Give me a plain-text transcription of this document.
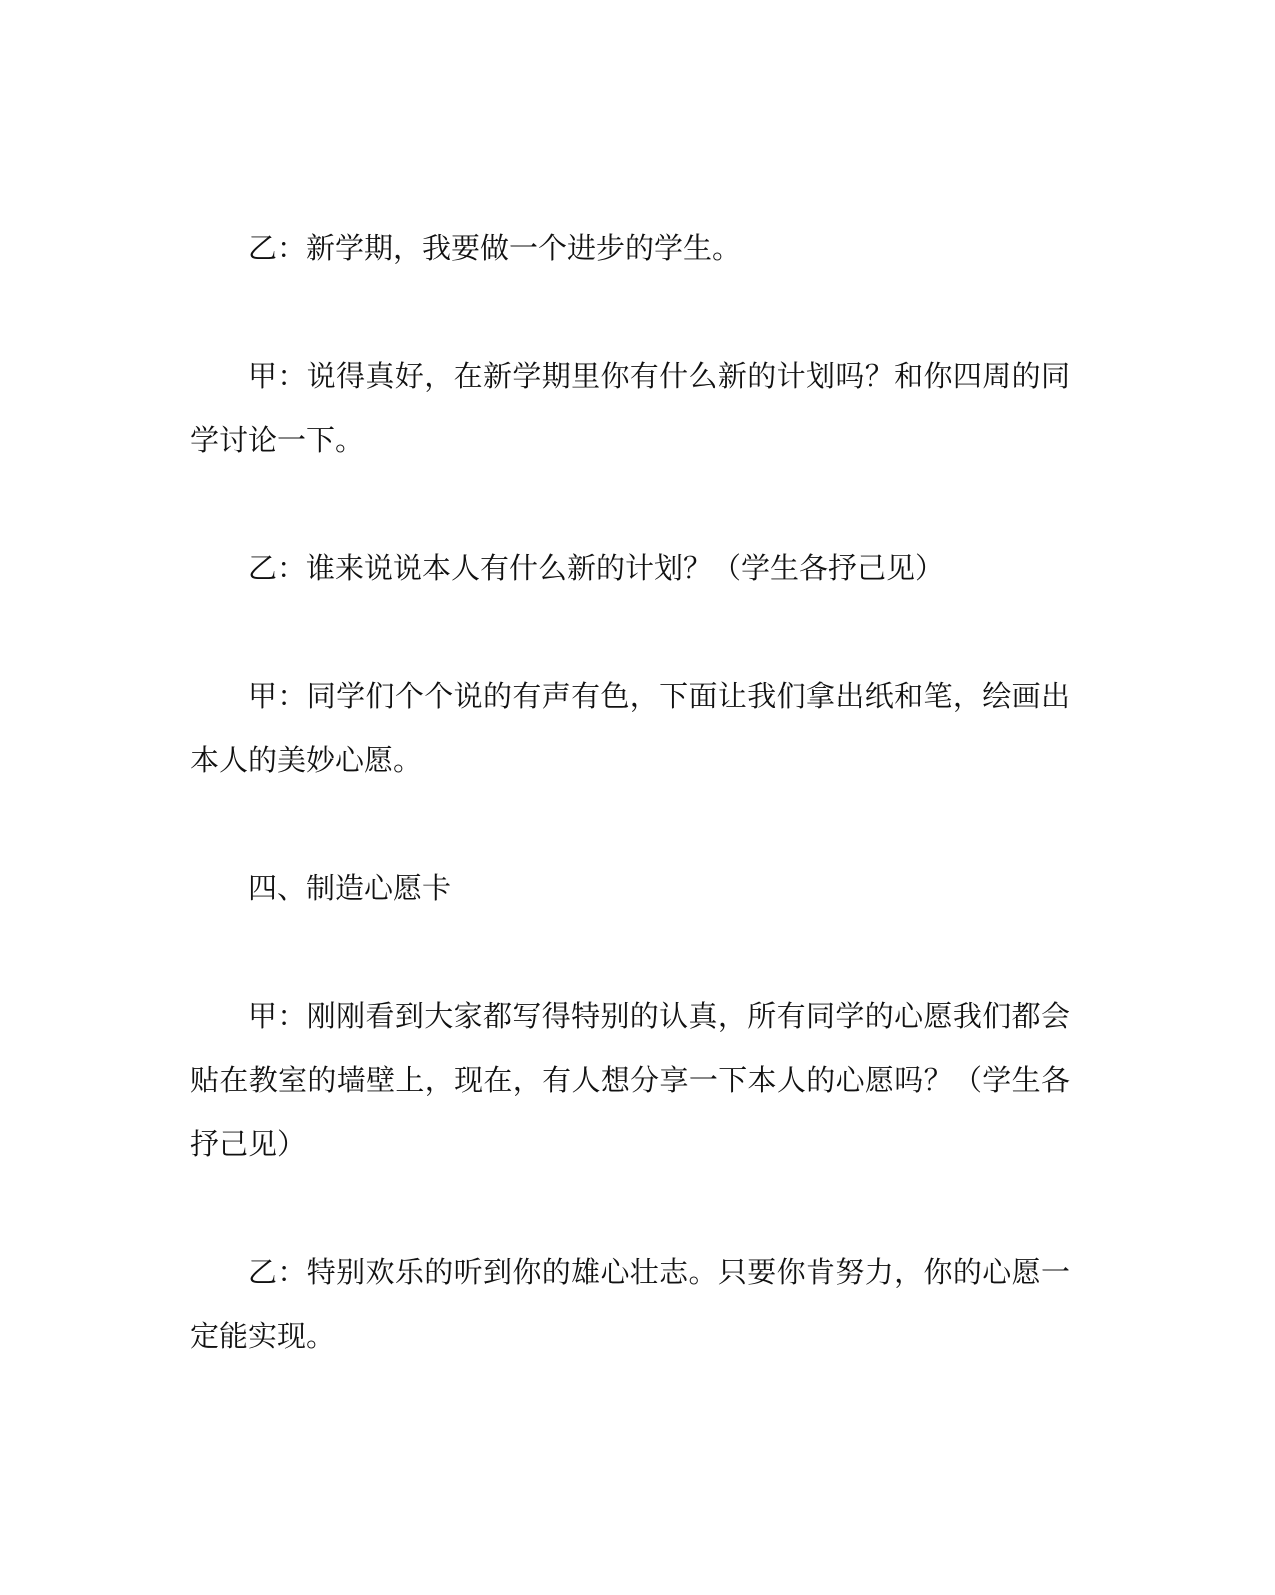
乙：新学期，我要做一个进步的学生。

甲：说得真好，在新学期里你有什么新的计划吗？和你四周的同学讨论一下。

乙：谁来说说本人有什么新的计划？（学生各抒己见）

甲：同学们个个说的有声有色，下面让我们拿出纸和笔，绘画出本人的美妙心愿。

四、制造心愿卡

甲：刚刚看到大家都写得特别的认真，所有同学的心愿我们都会贴在教室的墙壁上，现在，有人想分享一下本人的心愿吗？（学生各抒己见）

乙：特别欢乐的听到你的雄心壮志。只要你肯努力，你的心愿一定能实现。
